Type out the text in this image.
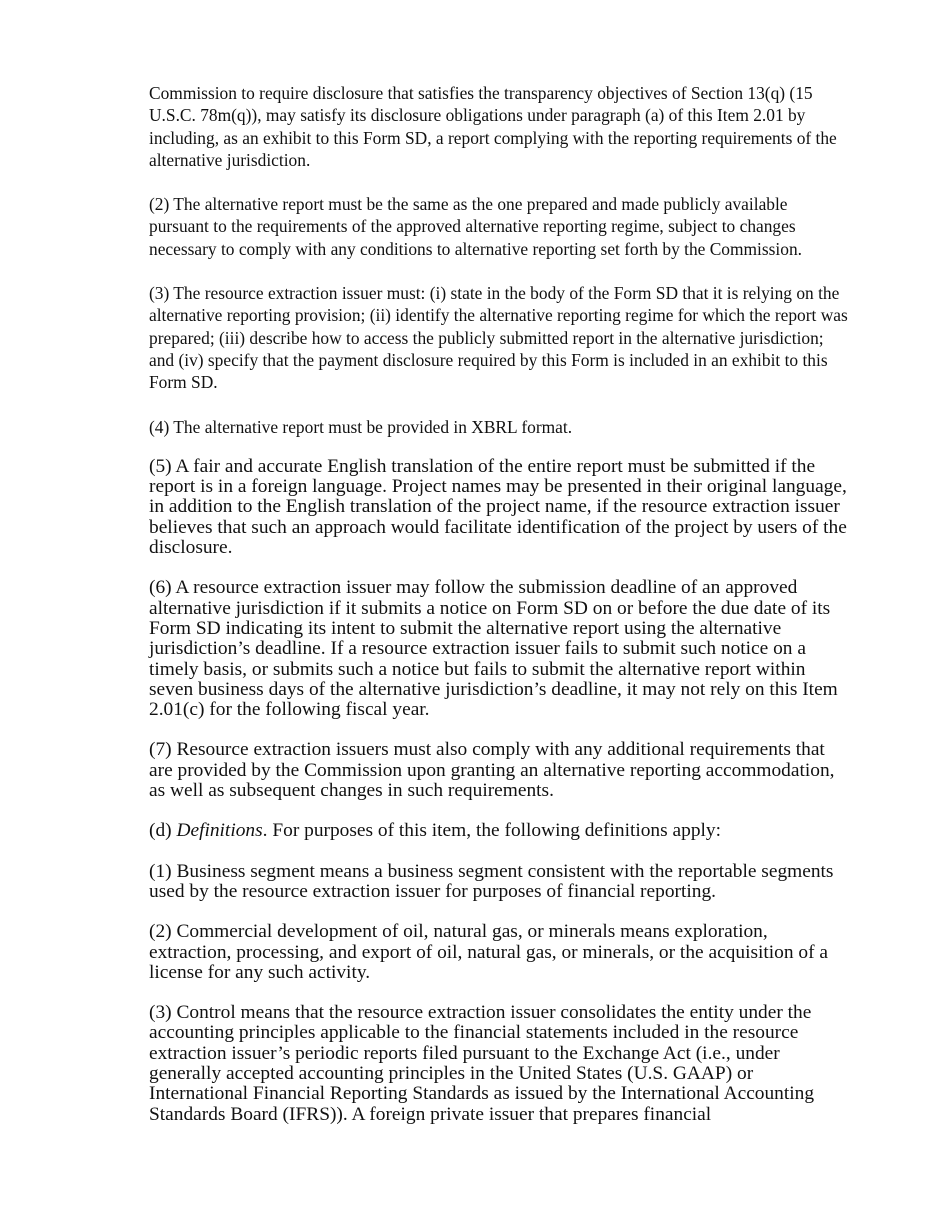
Commission to require disclosure that satisfies the transparency objectives of Section 13(q) (15 U.S.C. 78m(q)), may satisfy its disclosure obligations under paragraph (a) of this Item 2.01 by including, as an exhibit to this Form SD, a report complying with the reporting requirements of the alternative jurisdiction.

(2) The alternative report must be the same as the one prepared and made publicly available pursuant to the requirements of the approved alternative reporting regime, subject to changes necessary to comply with any conditions to alternative reporting set forth by the Commission.

(3) The resource extraction issuer must: (i) state in the body of the Form SD that it is relying on the alternative reporting provision; (ii) identify the alternative reporting regime for which the report was prepared; (iii) describe how to access the publicly submitted report in the alternative jurisdiction; and (iv) specify that the payment disclosure required by this Form is included in an exhibit to this Form SD.

(4) The alternative report must be provided in XBRL format.

(5) A fair and accurate English translation of the entire report must be submitted if the report is in a foreign language. Project names may be presented in their original language, in addition to the English translation of the project name, if the resource extraction issuer believes that such an approach would facilitate identification of the project by users of the disclosure.

(6) A resource extraction issuer may follow the submission deadline of an approved alternative jurisdiction if it submits a notice on Form SD on or before the due date of its Form SD indicating its intent to submit the alternative report using the alternative jurisdiction’s deadline. If a resource extraction issuer fails to submit such notice on a timely basis, or submits such a notice but fails to submit the alternative report within seven business days of the alternative jurisdiction’s deadline, it may not rely on this Item 2.01(c) for the following fiscal year.

(7) Resource extraction issuers must also comply with any additional requirements that are provided by the Commission upon granting an alternative reporting accommodation, as well as subsequent changes in such requirements.

(d) Definitions. For purposes of this item, the following definitions apply:

(1) Business segment means a business segment consistent with the reportable segments used by the resource extraction issuer for purposes of financial reporting.

(2) Commercial development of oil, natural gas, or minerals means exploration, extraction, processing, and export of oil, natural gas, or minerals, or the acquisition of a license for any such activity.

(3) Control means that the resource extraction issuer consolidates the entity under the accounting principles applicable to the financial statements included in the resource extraction issuer’s periodic reports filed pursuant to the Exchange Act (i.e., under generally accepted accounting principles in the United States (U.S. GAAP) or International Financial Reporting Standards as issued by the International Accounting Standards Board (IFRS)). A foreign private issuer that prepares financial
